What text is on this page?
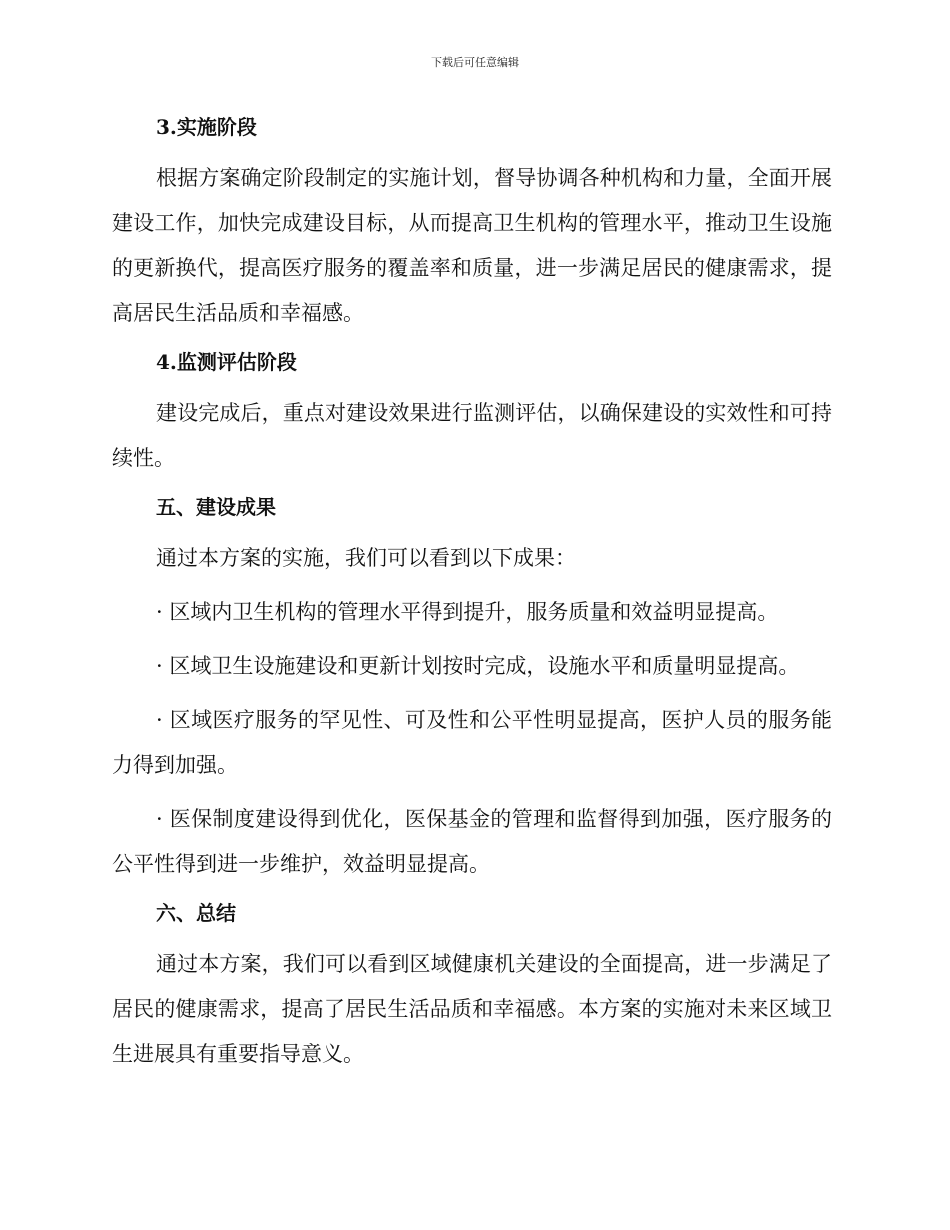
下载后可任意编辑
3.实施阶段

根据方案确定阶段制定的实施计划，督导协调各种机构和力量，全面开展建设工作，加快完成建设目标，从而提高卫生机构的管理水平，推动卫生设施的更新换代，提高医疗服务的覆盖率和质量，进一步满足居民的健康需求，提高居民生活品质和幸福感。

4.监测评估阶段

建设完成后，重点对建设效果进行监测评估，以确保建设的实效性和可持续性。

五、建设成果

通过本方案的实施，我们可以看到以下成果：

· 区域内卫生机构的管理水平得到提升，服务质量和效益明显提高。

· 区域卫生设施建设和更新计划按时完成，设施水平和质量明显提高。

· 区域医疗服务的罕见性、可及性和公平性明显提高，医护人员的服务能力得到加强。

· 医保制度建设得到优化，医保基金的管理和监督得到加强，医疗服务的公平性得到进一步维护，效益明显提高。

六、总结

通过本方案，我们可以看到区域健康机关建设的全面提高，进一步满足了居民的健康需求，提高了居民生活品质和幸福感。本方案的实施对未来区域卫生进展具有重要指导意义。
